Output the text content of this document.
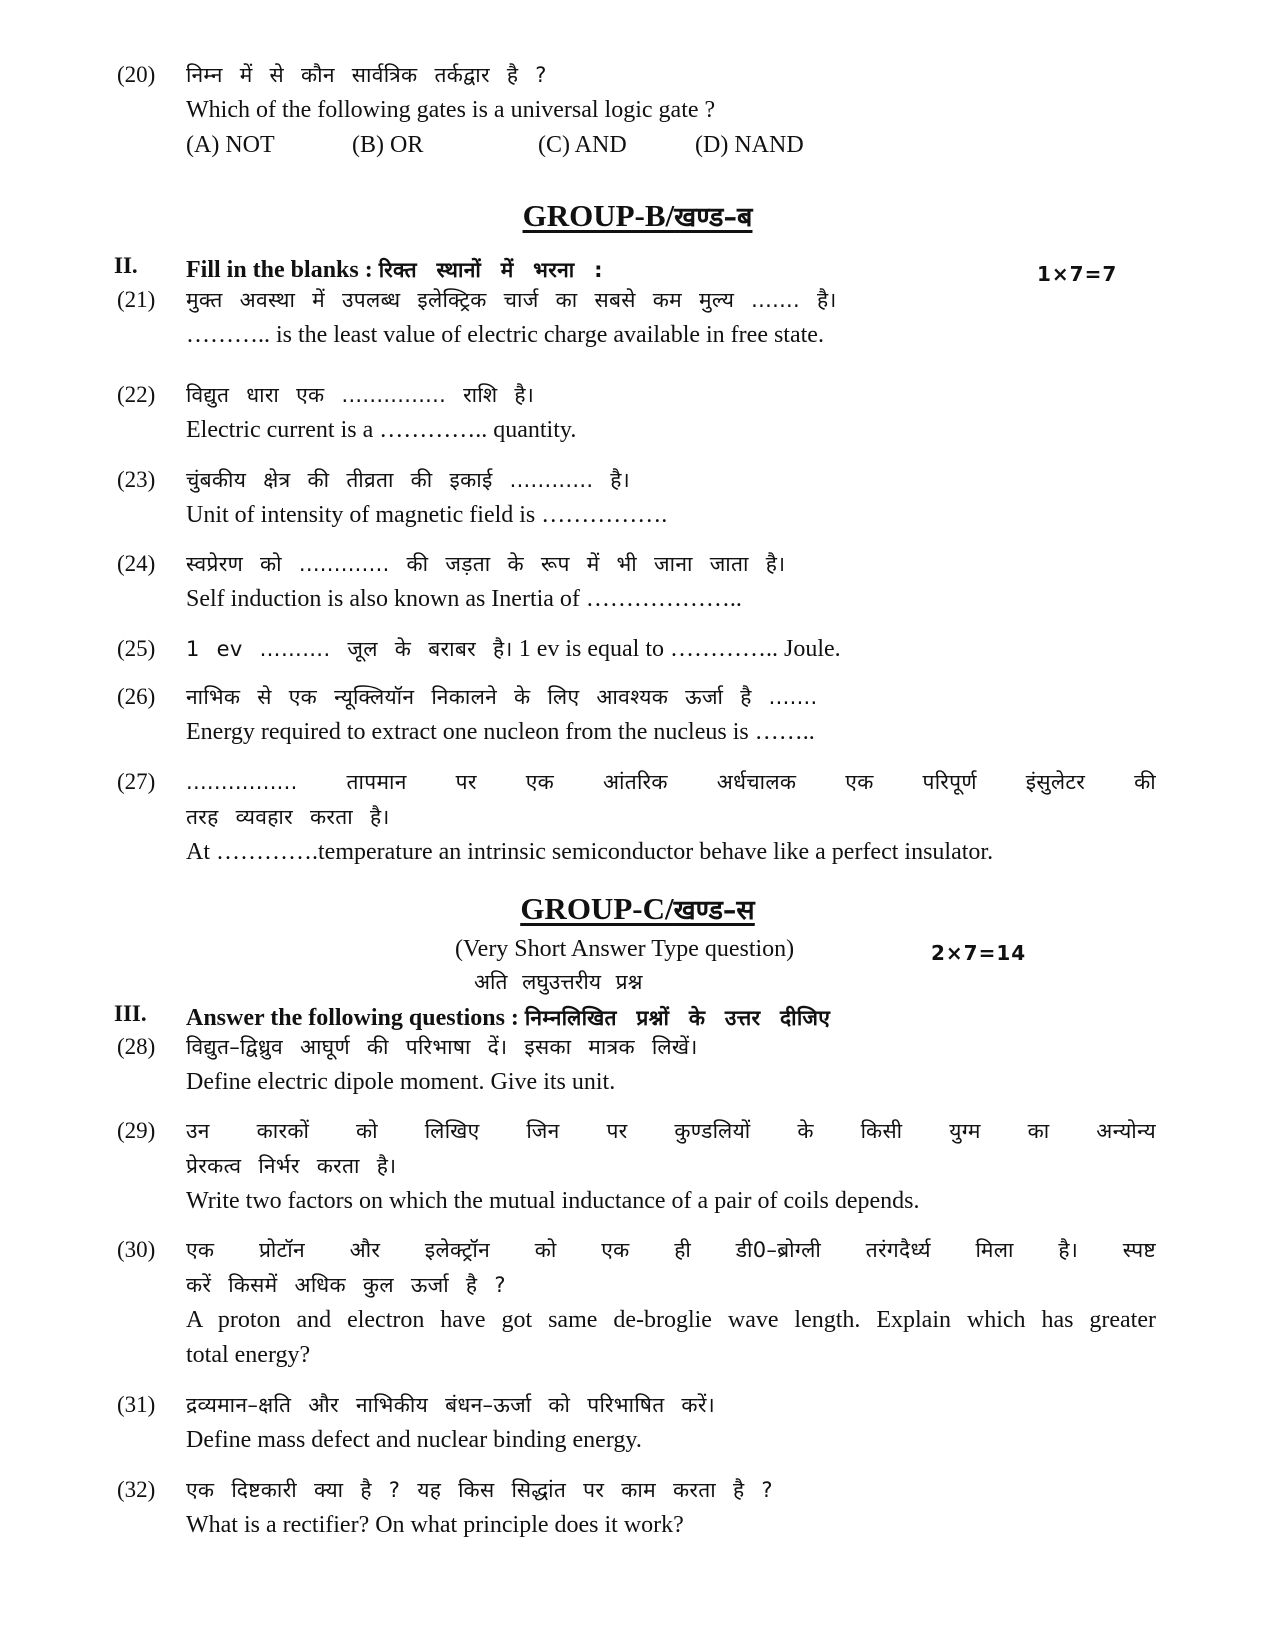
(20)	निम्न में से कौन सार्वत्रिक तर्कद्वार है ?
Which of the following gates is a universal logic gate ?
(A) NOT	(B) OR	(C) AND	(D) NAND
GROUP-B/खण्ड–ब
II. Fill in the blanks : रिक्त स्थानों में भरना :	1×7=7
(21)	मुक्त अवस्था में उपलब्ध इलेक्ट्रिक चार्ज का सबसे कम मुल्य ....... है।
……….. is the least value of electric charge available in free state.
(22)	विद्युत धारा एक ............... राशि है।
Electric current is a ………….. quantity.
(23)	चुंबकीय क्षेत्र की तीव्रता की इकाई ............ है।
Unit of intensity of magnetic field is …………….
(24)	स्वप्रेरण को ............. की जड़ता के रूप में भी जाना जाता है।
Self induction is also known as Inertia of ………………..
(25)	1 ev ………. जूल के बराबर है। 1 ev is equal to ………….. Joule.
(26)	नाभिक से एक न्यूक्लियॉन निकालने के लिए आवश्यक ऊर्जा है .......
Energy required to extract one nucleon from the nucleus is ……..
(27)	................ तापमान पर एक आंतरिक अर्धचालक एक परिपूर्ण इंसुलेटर की
तरह व्यवहार करता है।
At ………….temperature an intrinsic semiconductor behave like a perfect insulator.
GROUP-C/खण्ड–स
(Very Short Answer Type question)	2×7=14
अति लघुउत्तरीय प्रश्न
III. Answer the following questions : निम्नलिखित प्रश्नों के उत्तर दीजिए
(28)	विद्युत–द्विध्रुव आघूर्ण की परिभाषा दें। इसका मात्रक लिखें।
Define electric dipole moment. Give its unit.
(29)	उन कारकों को लिखिए जिन पर कुण्डलियों के किसी युग्म का अन्योन्य
प्रेरकत्व निर्भर करता है।
Write two factors on which the mutual inductance of a pair of coils depends.
(30)	एक प्रोटॉन और इलेक्ट्रॉन को एक ही डी0–ब्रोग्ली तरंगदैर्ध्य मिला है। स्पष्ट
करें किसमें अधिक कुल ऊर्जा है ?
A proton and electron have got same de-broglie wave length. Explain which has greater
total energy?
(31)	द्रव्यमान–क्षति और नाभिकीय बंधन–ऊर्जा को परिभाषित करें।
Define mass defect and nuclear binding energy.
(32)	एक दिष्टकारी क्या है ? यह किस सिद्धांत पर काम करता है ?
What is a rectifier? On what principle does it work?
